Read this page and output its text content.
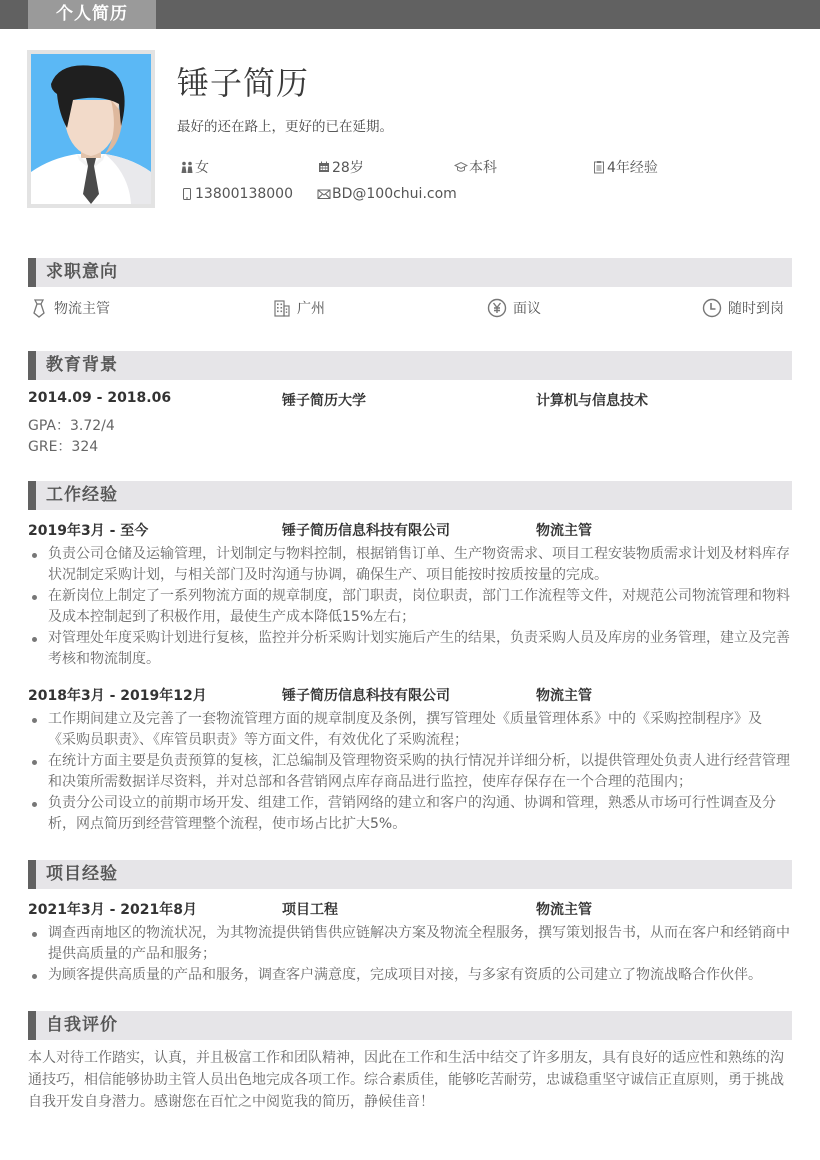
个人简历
锤子简历
最好的还在路上，更好的已在延期。
女	28岁	本科	4年经验
13800138000	BD@100chui.com
求职意向
物流主管	广州	面议	随时到岗
教育背景
2014.09 - 2018.06	锤子简历大学	计算机与信息技术
GPA：3.72/4
GRE：324
工作经验
2019年3月 - 至今	锤子简历信息科技有限公司	物流主管
负责公司仓储及运输管理，计划制定与物料控制，根据销售订单、生产物资需求、项目工程安装物质需求计划及材料库存状况制定采购计划，与相关部门及时沟通与协调，确保生产、项目能按时按质按量的完成。
在新岗位上制定了一系列物流方面的规章制度，部门职责，岗位职责，部门工作流程等文件，对规范公司物流管理和物料及成本控制起到了积极作用，最使生产成本降低15%左右；
对管理处年度采购计划进行复核，监控并分析采购计划实施后产生的结果，负责采购人员及库房的业务管理，建立及完善考核和物流制度。
2018年3月 - 2019年12月	锤子简历信息科技有限公司	物流主管
工作期间建立及完善了一套物流管理方面的规章制度及条例，撰写管理处《质量管理体系》中的《采购控制程序》及　《采购员职责》、《库管员职责》等方面文件，有效优化了采购流程；
在统计方面主要是负责预算的复核，汇总编制及管理物资采购的执行情况并详细分析，以提供管理处负责人进行经营管理和决策所需数据详尽资料，并对总部和各营销网点库存商品进行监控，使库存保存在一个合理的范围内；
负责分公司设立的前期市场开发、组建工作，营销网络的建立和客户的沟通、协调和管理，熟悉从市场可行性调查及分析，网点简历到经营管理整个流程，使市场占比扩大5%。
项目经验
2021年3月 - 2021年8月	项目工程	物流主管
调查西南地区的物流状况，为其物流提供销售供应链解决方案及物流全程服务，撰写策划报告书，从而在客户和经销商中提供高质量的产品和服务；
为顾客提供高质量的产品和服务，调查客户满意度，完成项目对接，与多家有资质的公司建立了物流战略合作伙伴。
自我评价
本人对待工作踏实，认真，并且极富工作和团队精神，因此在工作和生活中结交了许多朋友，具有良好的适应性和熟练的沟通技巧，相信能够协助主管人员出色地完成各项工作。综合素质佳，能够吃苦耐劳，忠诚稳重坚守诚信正直原则，勇于挑战自我开发自身潜力。感谢您在百忙之中阅览我的简历，静候佳音！
